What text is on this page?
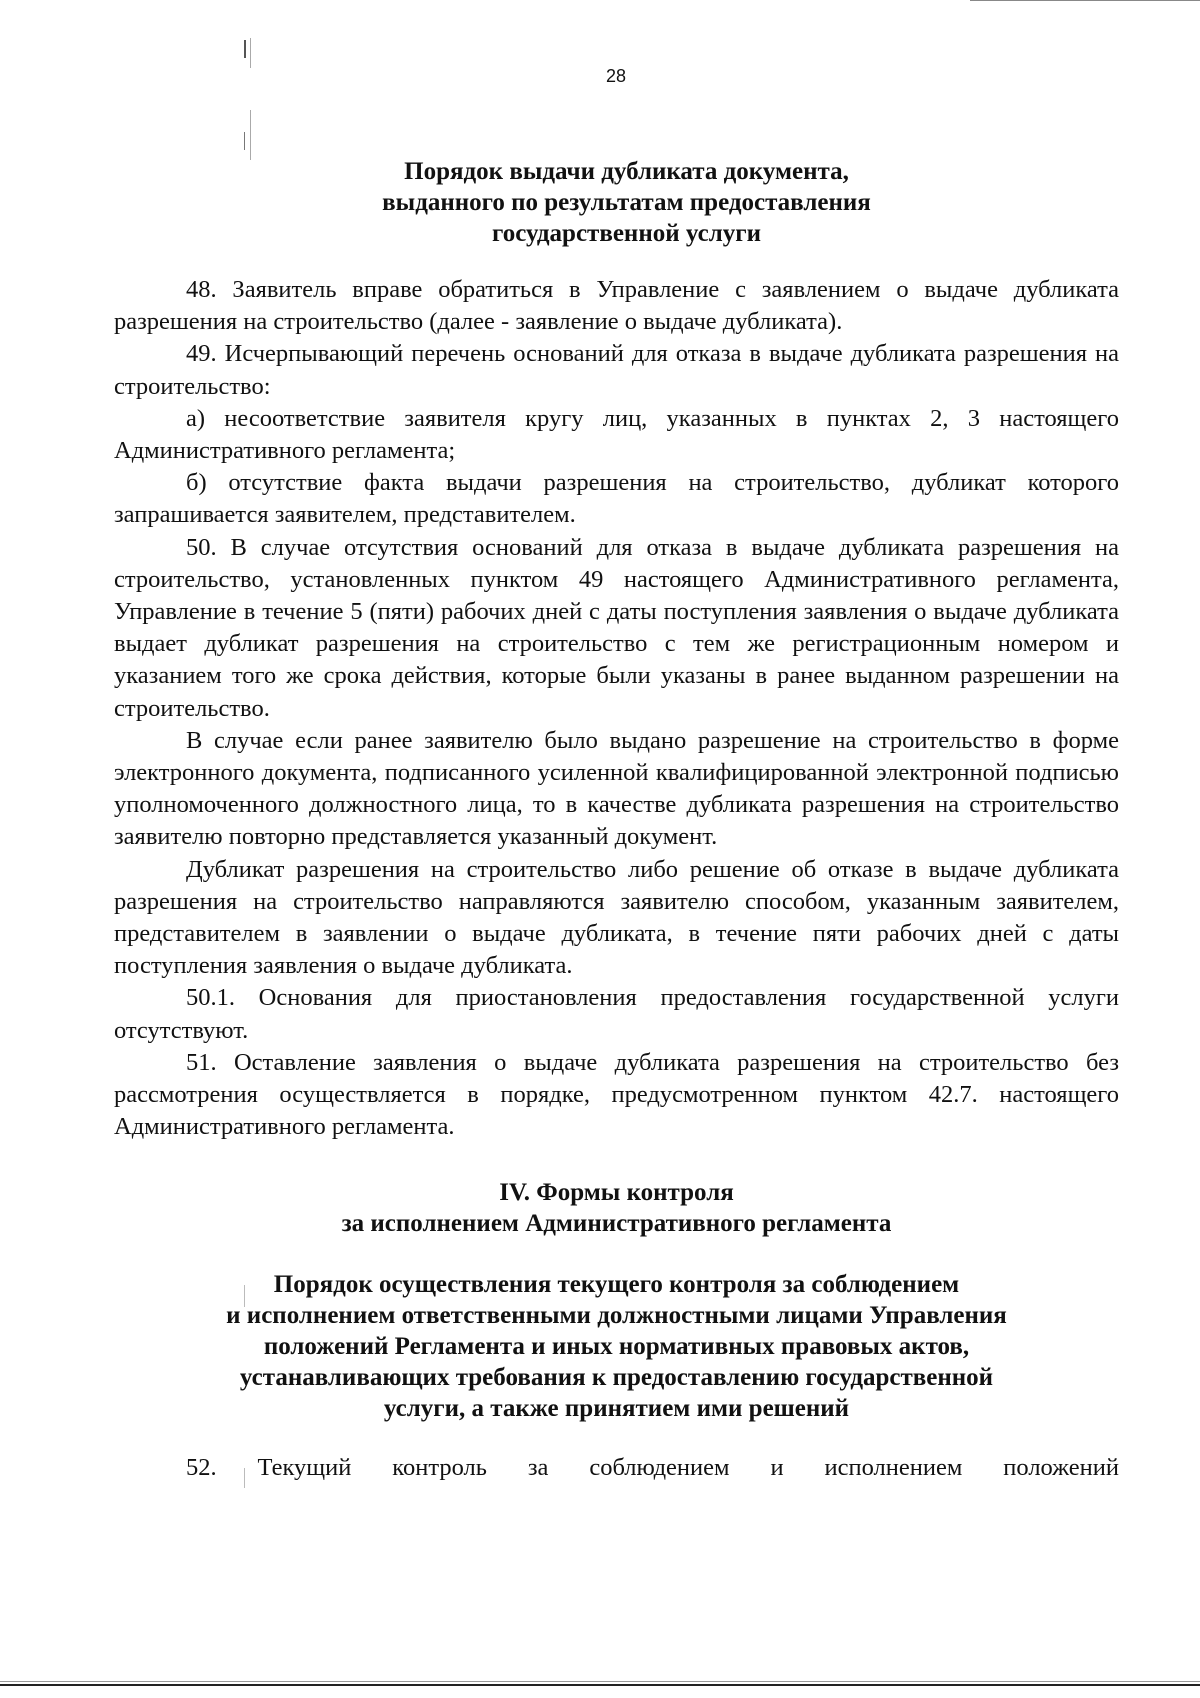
28
Порядок выдачи дубликата документа,
выданного по результатам предоставления
государственной услуги

48. Заявитель вправе обратиться в Управление с заявлением о выдаче дубликата разрешения на строительство (далее - заявление о выдаче дубликата).

49. Исчерпывающий перечень оснований для отказа в выдаче дубликата разрешения на строительство:

а) несоответствие заявителя кругу лиц, указанных в пунктах 2, 3 настоящего Административного регламента;

б) отсутствие факта выдачи разрешения на строительство, дубликат которого запрашивается заявителем, представителем.

50. В случае отсутствия оснований для отказа в выдаче дубликата разрешения на строительство, установленных пунктом 49 настоящего Административного регламента, Управление в течение 5 (пяти) рабочих дней с даты поступления заявления о выдаче дубликата выдает дубликат разрешения на строительство с тем же регистрационным номером и указанием того же срока действия, которые были указаны в ранее выданном разрешении на строительство.

В случае если ранее заявителю было выдано разрешение на строительство в форме электронного документа, подписанного усиленной квалифицированной электронной подписью уполномоченного должностного лица, то в качестве дубликата разрешения на строительство заявителю повторно представляется указанный документ.

Дубликат разрешения на строительство либо решение об отказе в выдаче дубликата разрешения на строительство направляются заявителю способом, указанным заявителем, представителем в заявлении о выдаче дубликата, в течение пяти рабочих дней с даты поступления заявления о выдаче дубликата.

50.1. Основания для приостановления предоставления государственной услуги отсутствуют.

51. Оставление заявления о выдаче дубликата разрешения на строительство без рассмотрения осуществляется в порядке, предусмотренном пунктом 42.7. настоящего Административного регламента.

IV. Формы контроля
за исполнением Административного регламента
Порядок осуществления текущего контроля за соблюдением
и исполнением ответственными должностными лицами Управления
положений Регламента и иных нормативных правовых актов,
устанавливающих требования к предоставлению государственной
услуги, а также принятием ими решений

52. Текущий контроль за соблюдением и исполнением положений
